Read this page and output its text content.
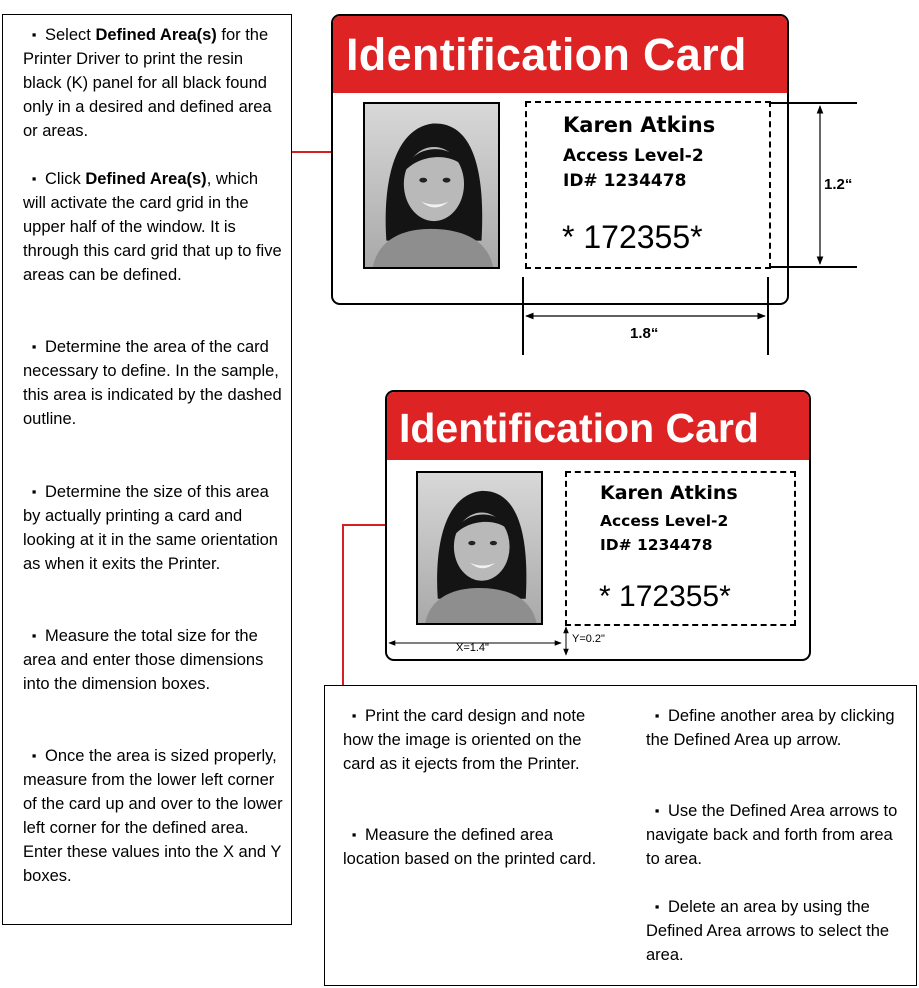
▪ Select Defined Area(s) for the Printer Driver to print the resin black (K) panel for all black found only in a desired and defined area or areas.
▪ Click Defined Area(s), which will activate the card grid in the upper half of the window. It is through this card grid that up to five areas can be defined.
▪ Determine the area of the card necessary to define. In the sample, this area is indicated by the dashed outline.
▪ Determine the size of this area by actually printing a card and looking at it in the same orientation as when it exits the Printer.
▪ Measure the total size for the area and enter those dimensions into the dimension boxes.
▪ Once the area is sized properly, measure from the lower left corner of the card up and over to the lower left corner for the defined area. Enter these values into the X and Y boxes.
Identification Card
Karen Atkins
Access Level-2
ID# 1234478
* 172355*
Identification Card
Karen Atkins
Access Level-2
ID# 1234478
* 172355*
1.2“
1.8“
X=1.4"
Y=0.2"
▪ Print the card design and note how the image is oriented on the card as it ejects from the Printer.
▪ Measure the defined area location based on the printed card.
▪ Define another area by clicking the Defined Area up arrow.
▪ Use the Defined Area arrows to navigate back and forth from area to area.
▪ Delete an area by using the Defined Area arrows to select the area.
